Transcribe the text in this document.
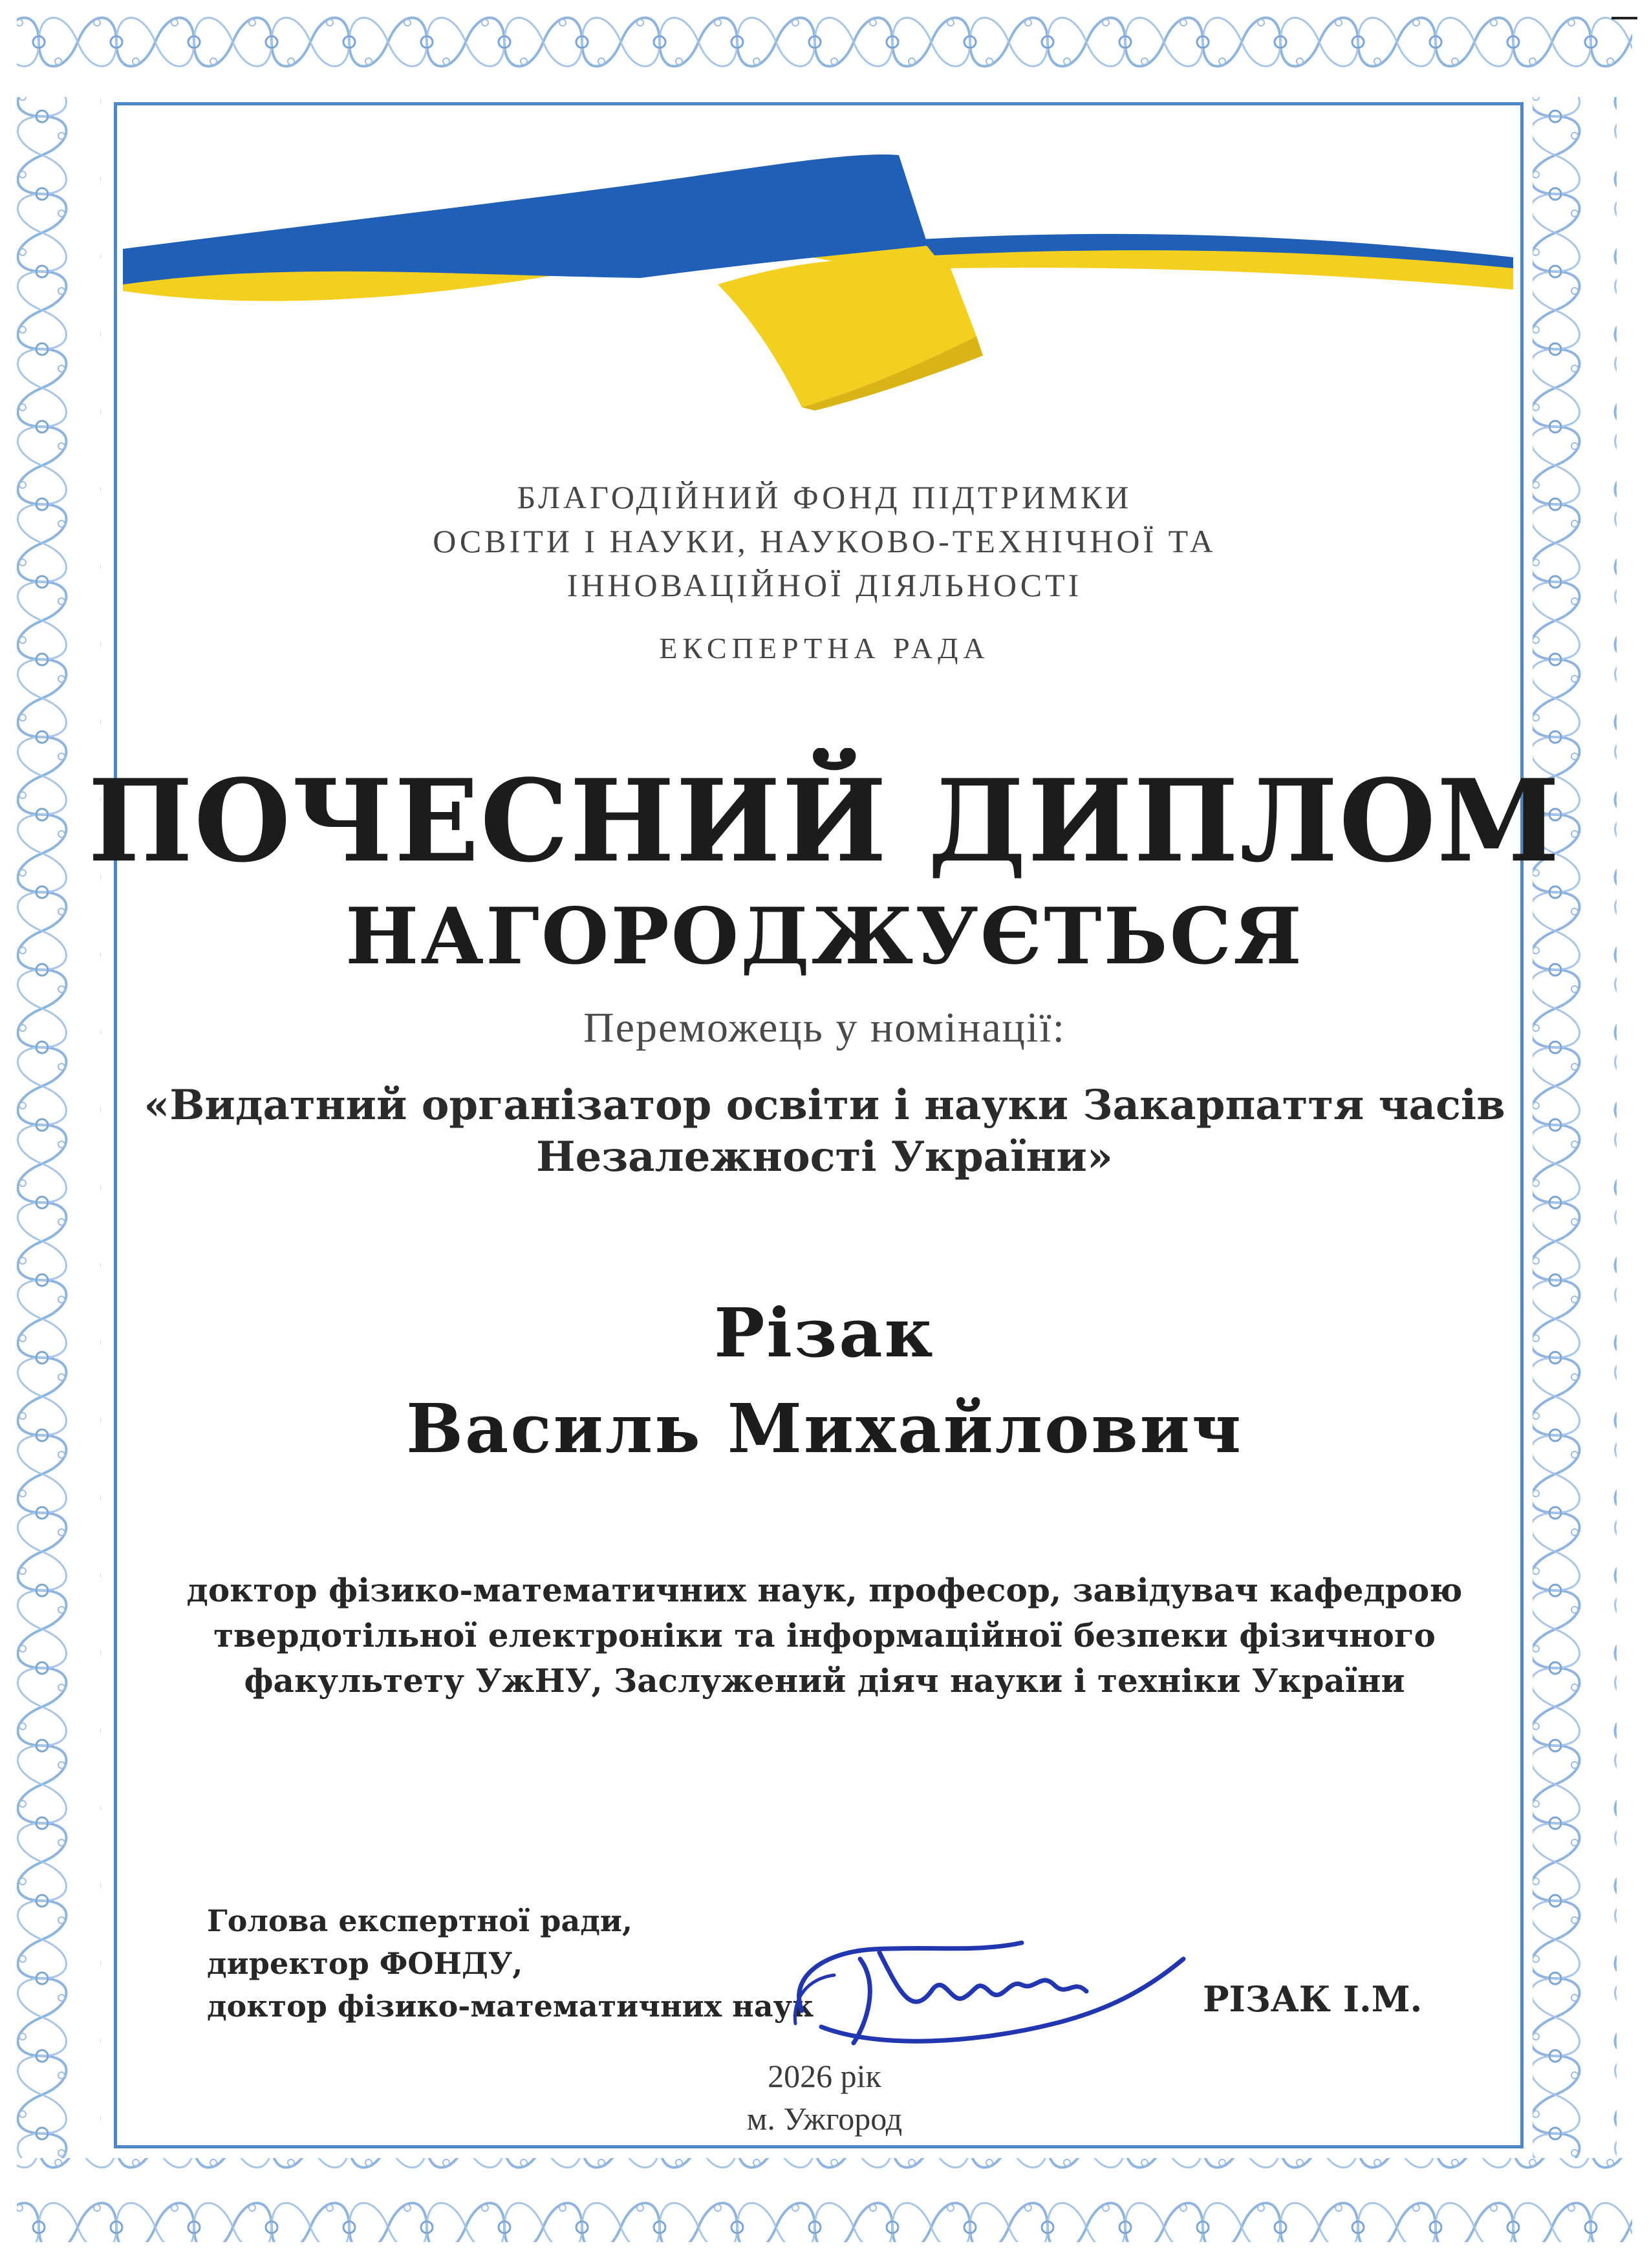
БЛАГОДІЙНИЙ ФОНД ПІДТРИМКИ
ОСВІТИ І НАУКИ, НАУКОВО-ТЕХНІЧНОЇ ТА
ІННОВАЦІЙНОЇ ДІЯЛЬНОСТІ
ЕКСПЕРТНА РАДА
ПОЧЕСНИЙ ДИПЛОМ
НАГОРОДЖУЄТЬСЯ
Переможець у номінації:
«Видатний організатор освіти і науки Закарпаття часів
Незалежності України»
Різак
Василь Михайлович
доктор фізико-математичних наук, професор, завідувач кафедрою
твердотільної електроніки та інформаційної безпеки фізичного
факультету УжНУ, Заслужений діяч науки і техніки України
Голова експертної ради,
директор ФОНДУ,
доктор фізико-математичних наук	РІЗАК І.М.
2026 рік
м. Ужгород
